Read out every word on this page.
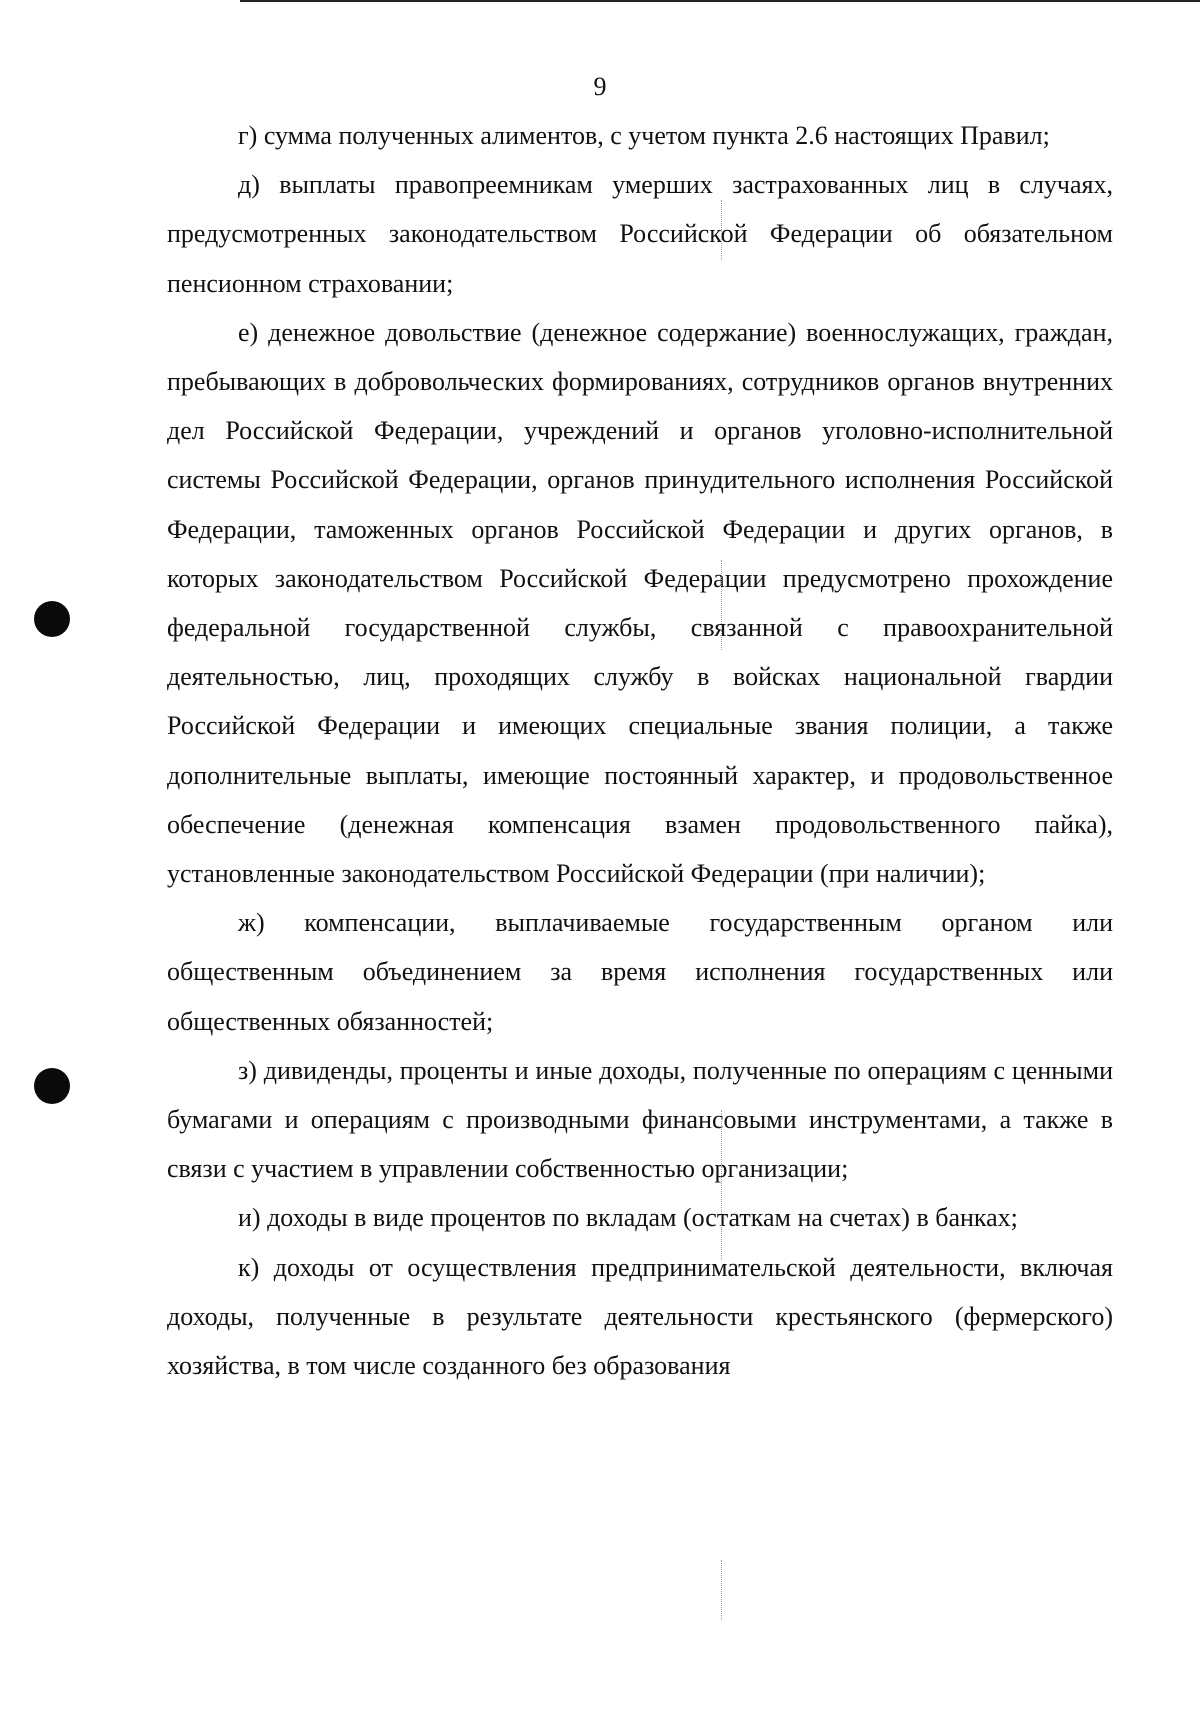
9

г) сумма полученных алиментов, с учетом пункта 2.6 настоящих Правил;

д) выплаты правопреемникам умерших застрахованных лиц в случаях, предусмотренных законодательством Российской Федерации об обязательном пенсионном страховании;

е) денежное довольствие (денежное содержание) военнослужащих, граждан, пребывающих в добровольческих формированиях, сотрудников органов внутренних дел Российской Федерации, учреждений и органов уголовно-исполнительной системы Российской Федерации, органов принудительного исполнения Российской Федерации, таможенных органов Российской Федерации и других органов, в которых законодательством Российской Федерации предусмотрено прохождение федеральной государственной службы, связанной с правоохранительной деятельностью, лиц, проходящих службу в войсках национальной гвардии Российской Федерации и имеющих специальные звания полиции, а также дополнительные выплаты, имеющие постоянный характер, и продовольственное обеспечение (денежная компенсация взамен продовольственного пайка), установленные законодательством Российской Федерации (при наличии);

ж) компенсации, выплачиваемые государственным органом или общественным объединением за время исполнения государственных или общественных обязанностей;

з) дивиденды, проценты и иные доходы, полученные по операциям с ценными бумагами и операциям с производными финансовыми инструментами, а также в связи с участием в управлении собственностью организации;

и) доходы в виде процентов по вкладам (остаткам на счетах) в банках;

к) доходы от осуществления предпринимательской деятельности, включая доходы, полученные в результате деятельности крестьянского (фермерского) хозяйства, в том числе созданного без образования
